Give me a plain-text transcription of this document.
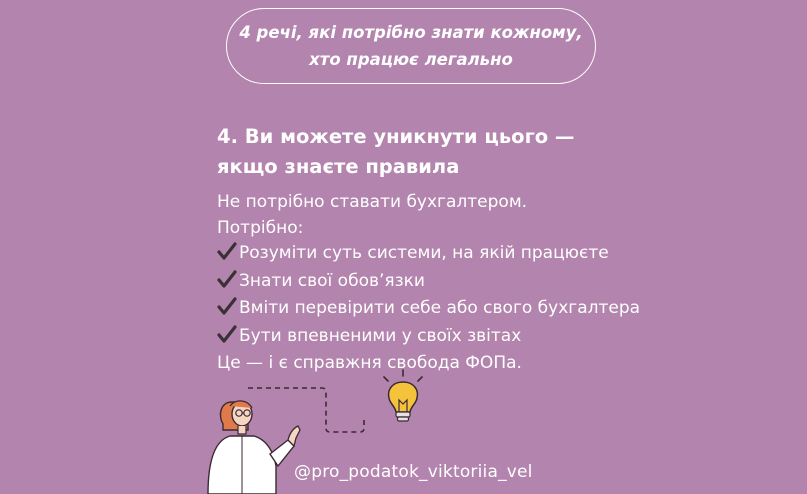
4 речі, які потрібно знати кожному,
хто працює легально
4. Ви можете уникнути цього —
якщо знаєте правила
Не потрібно ставати бухгалтером.
Потрібно:
Розуміти суть системи, на якій працюєте
Знати свої обов’язки
Вміти перевірити себе або свого бухгалтера
Бути впевненими у своїх звітах
Це — і є справжня свобода ФОПа.
@pro_podatok_viktoriia_vel
